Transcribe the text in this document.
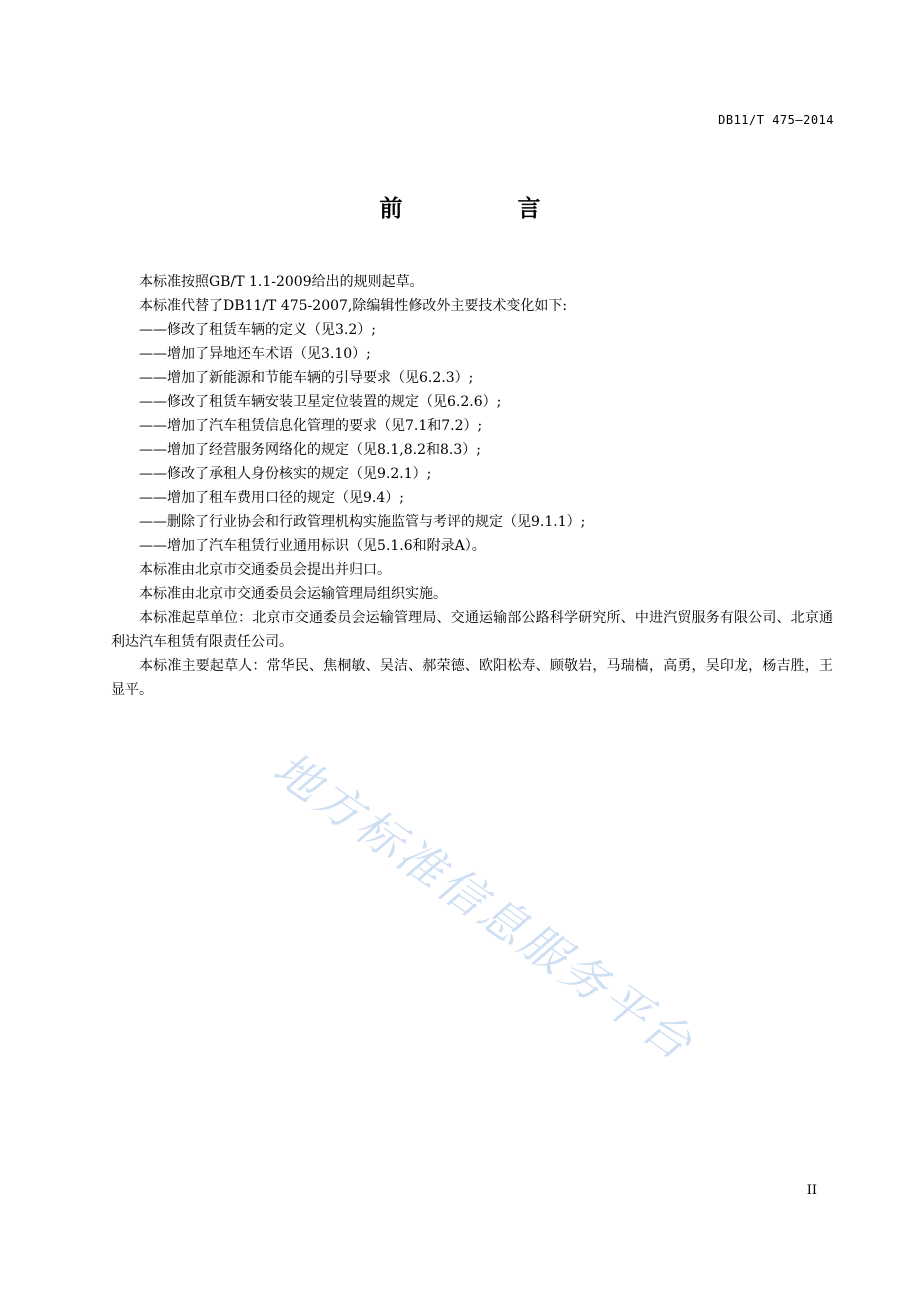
DB11/T 475—2014
前　言

本标准按照GB/T 1.1-2009给出的规则起草。

本标准代替了DB11/T 475-2007,除编辑性修改外主要技术变化如下:

——修改了租赁车辆的定义（见3.2）;

——增加了异地还车术语（见3.10）;

——增加了新能源和节能车辆的引导要求（见6.2.3）;

——修改了租赁车辆安装卫星定位装置的规定（见6.2.6）;

——增加了汽车租赁信息化管理的要求（见7.1和7.2）;

——增加了经营服务网络化的规定（见8.1,8.2和8.3）;

——修改了承租人身份核实的规定（见9.2.1）;

——增加了租车费用口径的规定（见9.4）;

——删除了行业协会和行政管理机构实施监管与考评的规定（见9.1.1）;

——增加了汽车租赁行业通用标识（见5.1.6和附录A）。

本标准由北京市交通委员会提出并归口。

本标准由北京市交通委员会运输管理局组织实施。

本标准起草单位：北京市交通委员会运输管理局、交通运输部公路科学研究所、中进汽贸服务有限公司、北京通利达汽车租赁有限责任公司。

本标准主要起草人：常华民、焦桐敏、吴洁、郝荣德、欧阳松寿、顾敬岩，马瑞樯，高勇，吴印龙，杨吉胜，王显平。

地方标准信息服务平台
II
